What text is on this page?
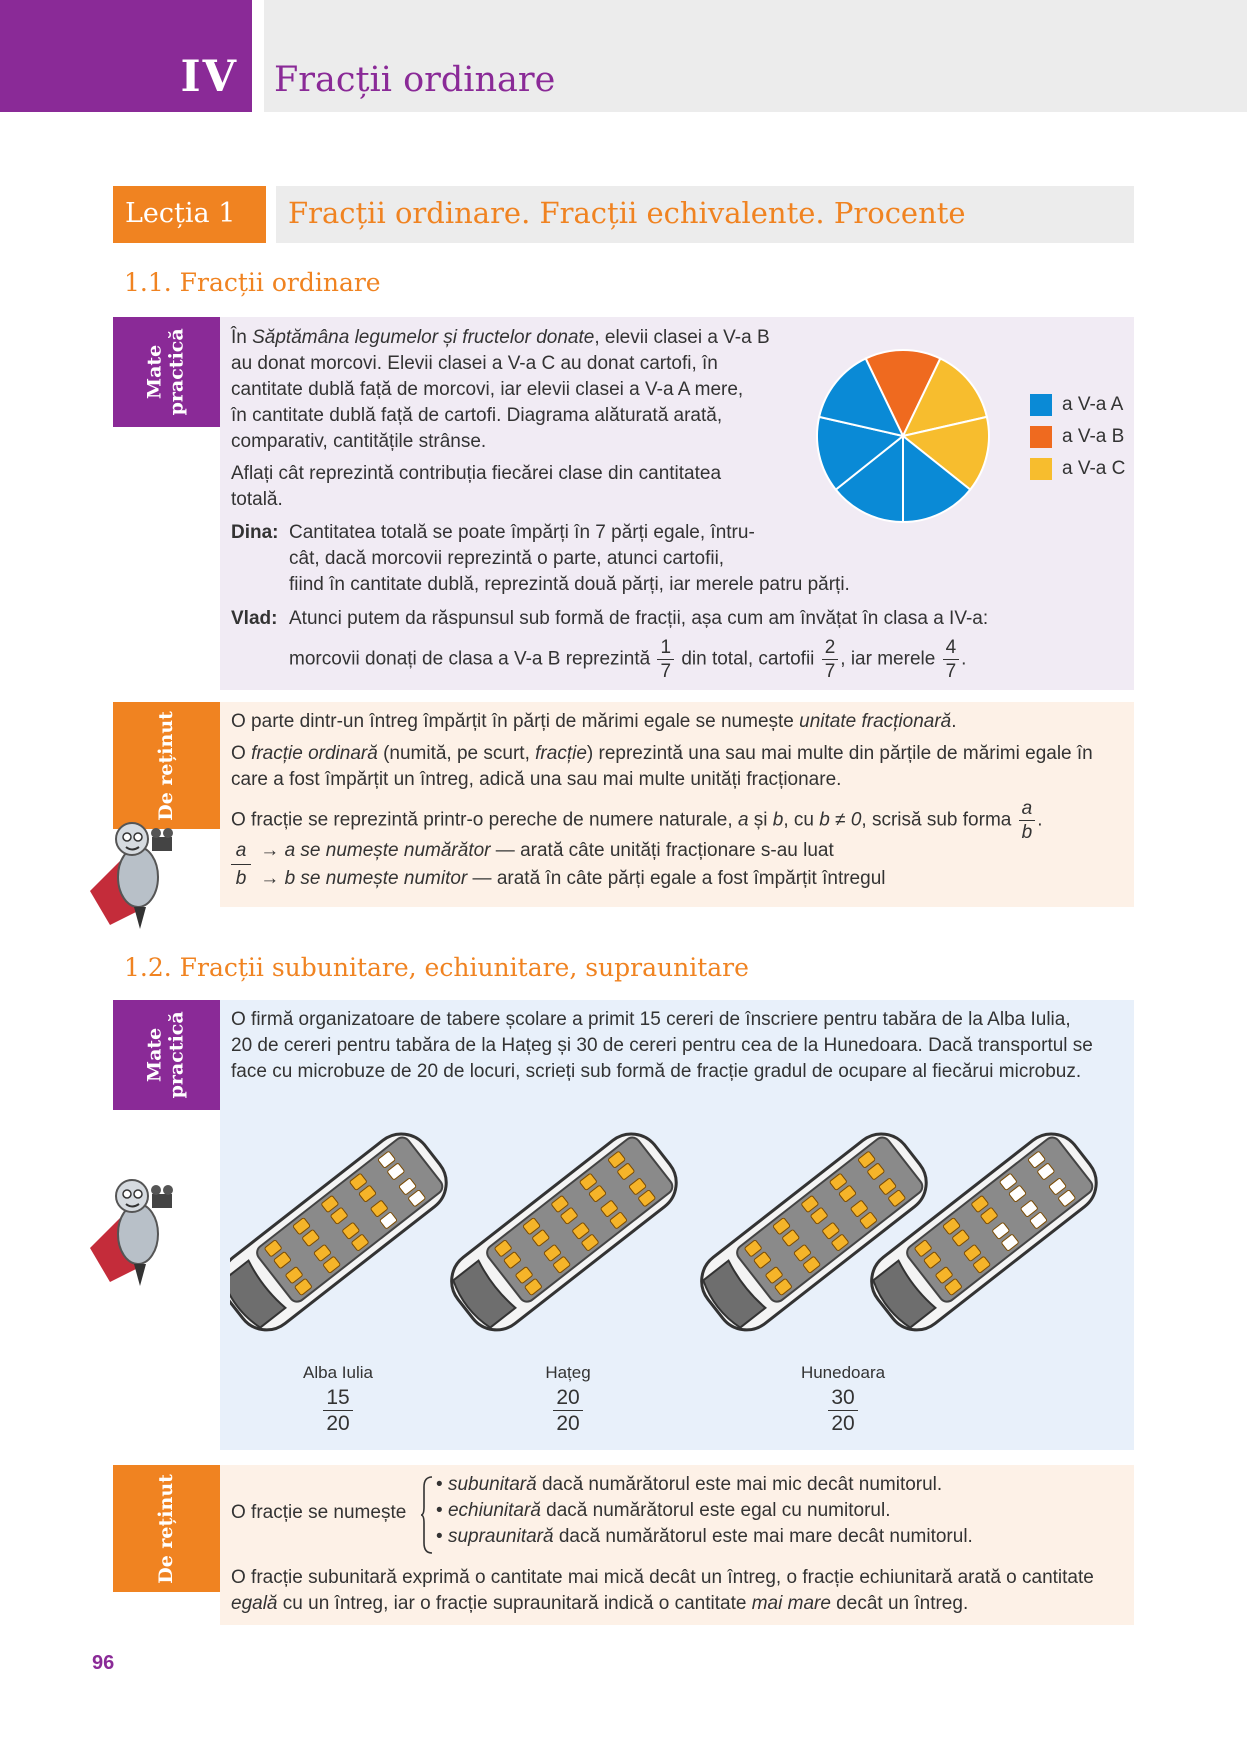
IV Fracții ordinare
Lecția 1 Fracții ordinare. Fracții echivalente. Procente
1.1. Fracții ordinare
Mate
practică În Săptămâna legumelor și fructelor donate, elevii clasei a V-a B
au donat morcovi. Elevii clasei a V-a C au donat cartofi, în
cantitate dublă față de morcovi, iar elevii clasei a V-a A mere,
în cantitate dublă față de cartofi. Diagrama alăturată arată,
comparativ, cantitățile strânse.
Aflați cât reprezintă contribuția fiecărei clase din cantitatea
totală.
a V-a A
a V-a B
a V-a C
Dina: Cantitatea totală se poate împărți în 7 părți egale, întru-
cât, dacă morcovii reprezintă o parte, atunci cartofii,
fiind în cantitate dublă, reprezintă două părți, iar merele patru părți.
Vlad: Atunci putem da răspunsul sub formă de fracții, așa cum am învățat în clasa a IV-a:
morcovii donați de clasa a V-a B reprezintă $\frac{1}{7}$ din total, cartofii $\frac{2}{7}$ , iar merele $\frac{4}{7}$ .
De reținut	O parte dintr-un întreg împărțit în părți de mărimi egale se numește unitate fracționară.
O fracție ordinară (numită, pe scurt, fracție) reprezintă una sau mai multe din părțile de mărimi egale în
care a fost împărțit un întreg, adică una sau mai multe unități fracționare.
O fracție se reprezintă printr-o pereche de numere naturale, a și b, cu b ≠ 0, scrisă sub forma $\frac{a}{b}$ .
a → a se numește numărător — arată câte unități fracționare s-au luat
b → b se numește numitor — arată în câte părți egale a fost împărțit întregul
1.2. Fracții subunitare, echiunitare, supraunitare
Mate
practică O firmă organizatoare de tabere școlare a primit 15 cereri de înscriere pentru tabăra de la Alba Iulia,
20 de cereri pentru tabăra de la Hațeg și 30 de cereri pentru cea de la Hunedoara. Dacă transportul se
face cu microbuze de 20 de locuri, scrieți sub formă de fracție gradul de ocupare al fiecărui microbuz.
Alba Iulia
$\frac{15}{20}$
Hațeg
$\frac{20}{20}$
Hunedoara
$\frac{30}{20}$
De reținut	O fracție se numește
• subunitară dacă numărătorul este mai mic decât numitorul.
• echiunitară dacă numărătorul este egal cu numitorul.
• supraunitară dacă numărătorul este mai mare decât numitorul.
O fracție subunitară exprimă o cantitate mai mică decât un întreg, o fracție echiunitară arată o cantitate
egală cu un întreg, iar o fracție supraunitară indică o cantitate mai mare decât un întreg.
96
